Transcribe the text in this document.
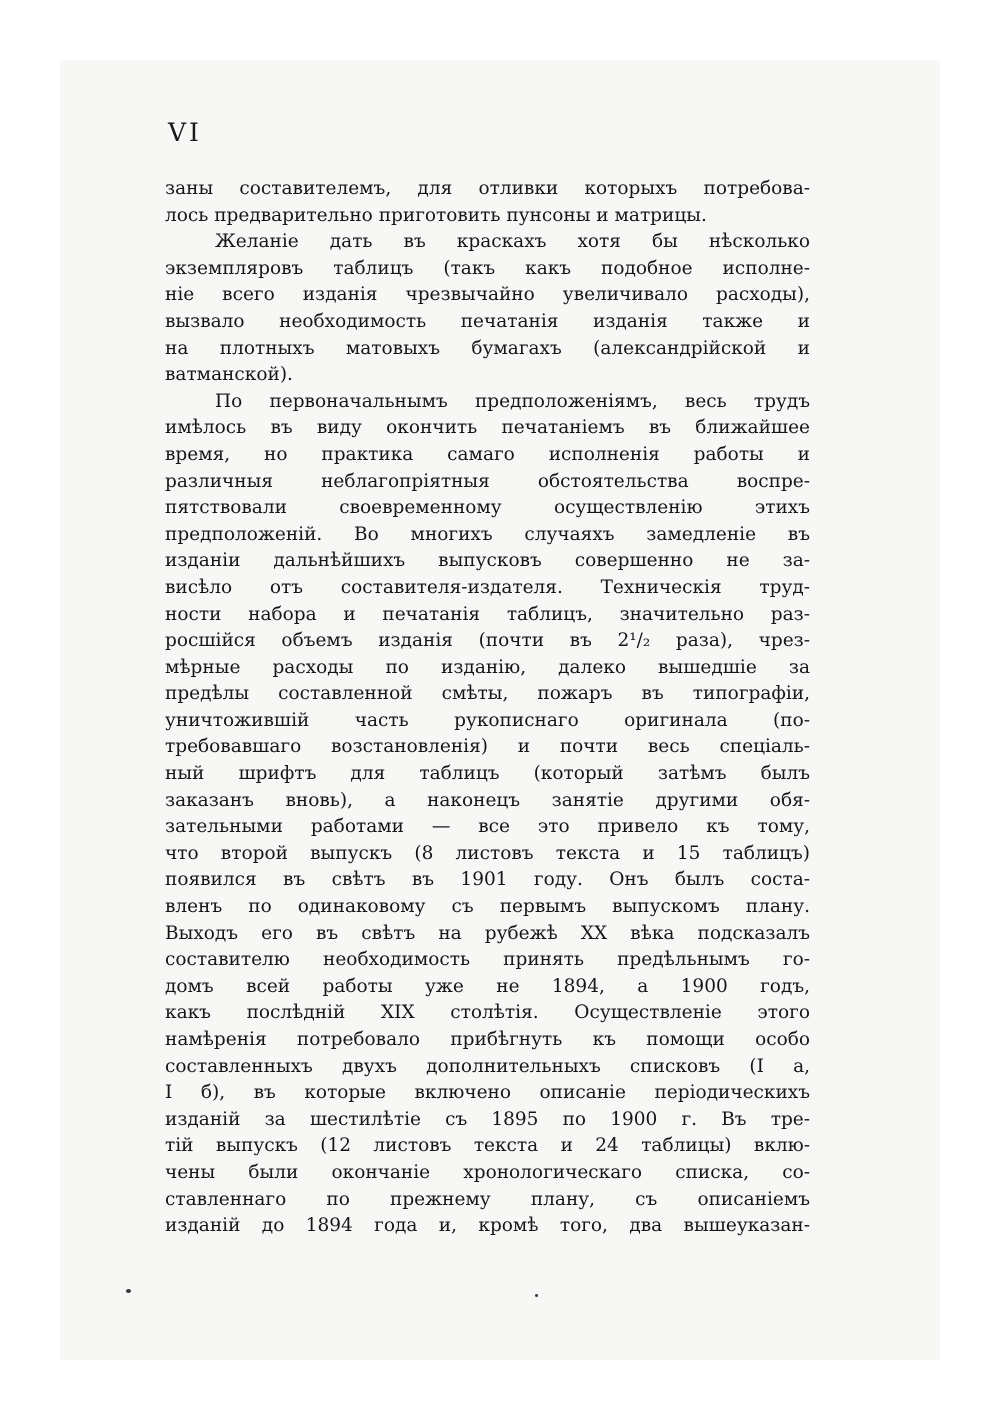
VI
заны составителемъ, для отливки которыхъ потребова-
лось предварительно приготовить пунсоны и матрицы.
Желаніе дать въ краскахъ хотя бы нѣсколько
экземпляровъ таблицъ (такъ какъ подобное исполне-
ніе всего изданія чрезвычайно увеличивало расходы),
вызвало необходимость печатанія изданія также и
на плотныхъ матовыхъ бумагахъ (александрійской и
ватманской).
По первоначальнымъ предположеніямъ, весь трудъ
имѣлось въ виду окончить печатаніемъ въ ближайшее
время, но практика самаго исполненія работы и
различныя неблагопріятныя обстоятельства воспре-
пятствовали своевременному осуществленію этихъ
предположеній. Во многихъ случаяхъ замедленіе въ
изданіи дальнѣйшихъ выпусковъ совершенно не за-
висѣло отъ составителя-издателя. Техническія труд-
ности набора и печатанія таблицъ, значительно раз-
росшійся объемъ изданія (почти въ 2¹/₂ раза), чрез-
мѣрные расходы по изданію, далеко вышедшіе за
предѣлы составленной смѣты, пожаръ въ типографіи,
уничтожившій часть рукописнаго оригинала (по-
требовавшаго возстановленія) и почти весь спеціаль-
ный шрифтъ для таблицъ (который затѣмъ былъ
заказанъ вновь), а наконецъ занятіе другими обя-
зательными работами — все это привело къ тому,
что второй выпускъ (8 листовъ текста и 15 таблицъ)
появился въ свѣтъ въ 1901 году. Онъ былъ соста-
вленъ по одинаковому съ первымъ выпускомъ плану.
Выходъ его въ свѣтъ на рубежѣ XX вѣка подсказалъ
составителю необходимость принять предѣльнымъ го-
домъ всей работы уже не 1894, а 1900 годъ,
какъ послѣдній XIX столѣтія. Осуществленіе этого
намѣренія потребовало прибѣгнуть къ помощи особо
составленныхъ двухъ дополнительныхъ списковъ (I а,
I б), въ которые включено описаніе періодическихъ
изданій за шестилѣтіе съ 1895 по 1900 г. Въ тре-
тій выпускъ (12 листовъ текста и 24 таблицы) вклю-
чены были окончаніе хронологическаго списка, со-
ставленнаго по прежнему плану, съ описаніемъ
изданій до 1894 года и, кромѣ того, два вышеуказан-
